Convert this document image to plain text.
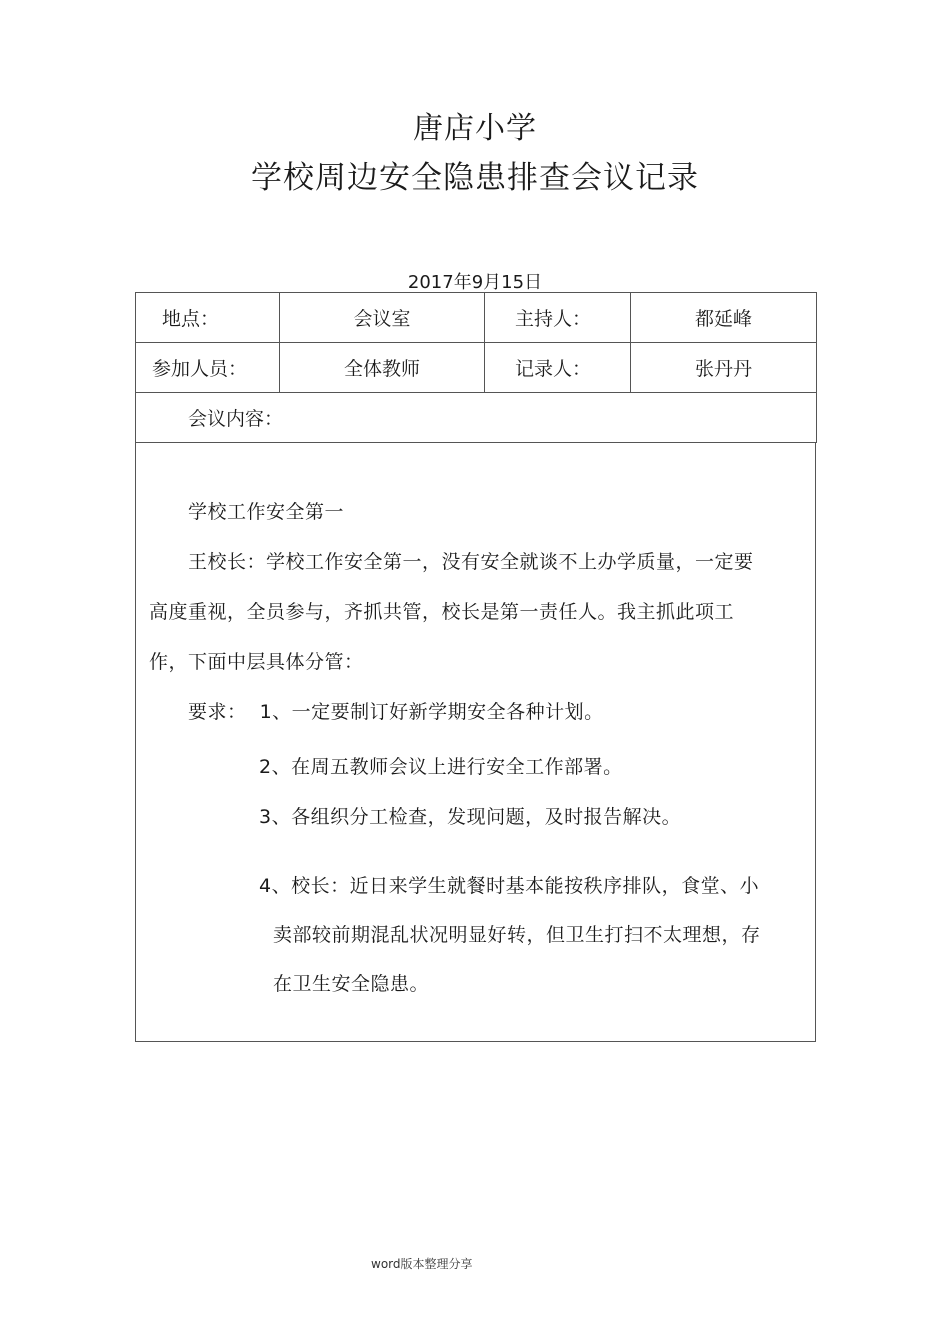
唐店小学
学校周边安全隐患排查会议记录
2017年9月15日
地点：	会议室	主持人：	都延峰
参加人员：	全体教师	记录人：	张丹丹
会议内容：			
学校工作安全第一
王校长：学校工作安全第一，没有安全就谈不上办学质量，一定要
高度重视，全员参与，齐抓共管，校长是第一责任人。我主抓此项工
作，下面中层具体分管：
要求：  1、一定要制订好新学期安全各种计划。
2、在周五教师会议上进行安全工作部署。
3、各组织分工检查，发现问题，及时报告解决。
4、校长：近日来学生就餐时基本能按秩序排队，食堂、小
卖部较前期混乱状况明显好转，但卫生打扫不太理想，存
在卫生安全隐患。
word版本整理分享
